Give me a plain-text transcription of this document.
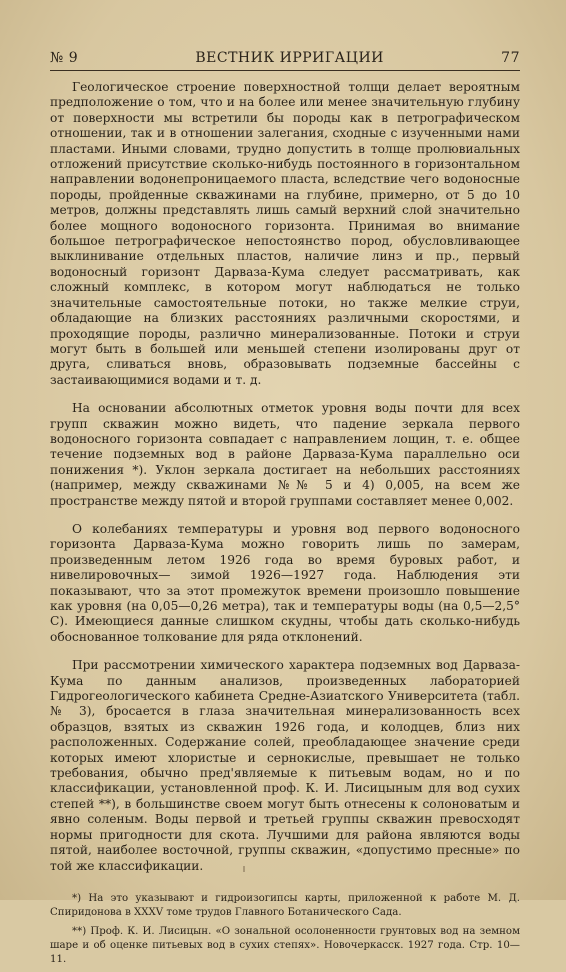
№ 9	ВЕСТНИК ИРРИГАЦИИ	77

Геологическое строение поверхностной толщи делает вероятным предположение о том, что и на более или менее значительную глубину от поверхности мы встретили бы породы как в петрографическом отношении, так и в отношении залегания, сходные с изученными нами пластами. Иными словами, трудно допустить в толще пролювиальных отложений присутствие сколько-нибудь постоянного в горизонтальном направлении водонепроницаемого пласта, вследствие чего водоносные породы, пройденные скважинами на глубине, примерно, от 5 до 10 метров, должны представлять лишь самый верхний слой значительно более мощного водоносного горизонта. Принимая во внимание большое петрографическое непостоянство пород, обусловливающее выклинивание отдельных пластов, наличие линз и пр., первый водоносный горизонт Дарваза-Кума следует рассматривать, как сложный комплекс, в котором могут наблюдаться не только значительные самостоятельные потоки, но также мелкие струи, обладающие на близких расстояниях различными скоростями, и проходящие породы, различно минерализованные. Потоки и струи могут быть в большей или меньшей степени изолированы друг от друга, сливаться вновь, образовывать подземные бассейны с застаивающимися водами и т. д.

На основании абсолютных отметок уровня воды почти для всех групп скважин можно видеть, что падение зеркала первого водоносного горизонта совпадает с направлением лощин, т. е. общее течение подземных вод в районе Дарваза-Кума параллельно оси понижения *). Уклон зеркала достигает на небольших расстояниях (например, между скважинами №№ 5 и 4) 0,005, на всем же пространстве между пятой и второй группами составляет менее 0,002.

О колебаниях температуры и уровня вод первого водоносного горизонта Дарваза-Кума можно говорить лишь по замерам, произведенным летом 1926 года во время буровых работ, и нивелировочных— зимой 1926—1927 года. Наблюдения эти показывают, что за этот промежуток времени произошло повышение как уровня (на 0,05—0,26 метра), так и температуры воды (на 0,5—2,5° С). Имеющиеся данные слишком скудны, чтобы дать сколько-нибудь обоснованное толкование для ряда отклонений.

При рассмотрении химического характера подземных вод Дарваза-Кума по данным анализов, произведенных лабораторией Гидрогеологического кабинета Средне-Азиатского Университета (табл. № 3), бросается в глаза значительная минерализованность всех образцов, взятых из скважин 1926 года, и колодцев, близ них расположенных. Содержание солей, преобладающее значение среди которых имеют хлористые и сернокислые, превышает не только требования, обычно пред'являемые к питьевым водам, но и по классификации, установленной проф. К. И. Лисицыным для вод сухих степей **), в большинстве своем могут быть отнесены к солоноватым и явно соленым. Воды первой и третьей группы скважин превосходят нормы пригодности для скота. Лучшими для района являются воды пятой, наиболее восточной, группы скважин, «допустимо пресные» по той же классификации.

*) На это указывают и гидроизогипсы карты, приложенной к работе М. Д. Спиридонова в XXXV томе трудов Главного Ботанического Сада.

**) Проф. К. И. Лисицын. «О зональной осолоненности грунтовых вод на земном шаре и об оценке питьевых вод в сухих степях». Новочеркасск. 1927 года. Стр. 10—11.
